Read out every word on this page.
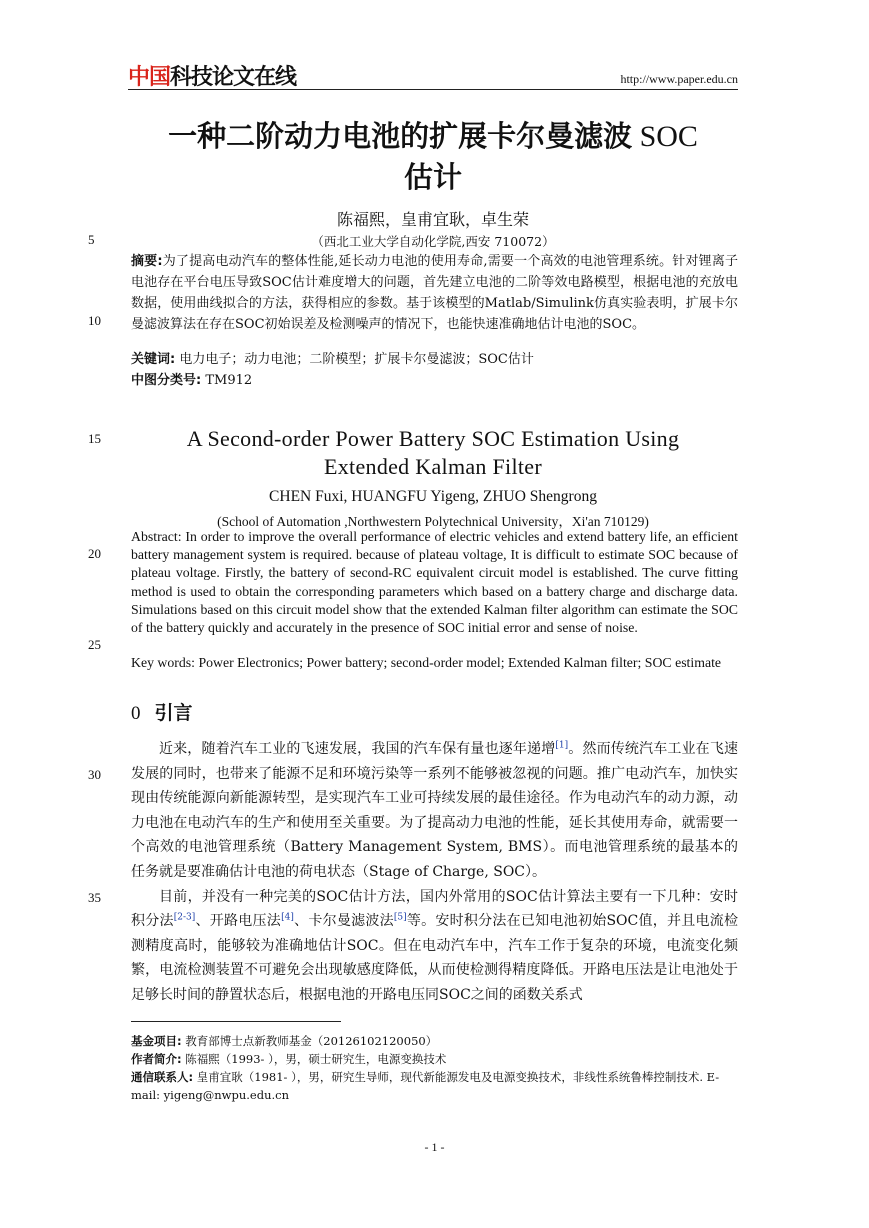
中国科技论文在线	http://www.paper.edu.cn
5
10
15
20
25
30
35
一种二阶动力电池的扩展卡尔曼滤波 SOC
估计
陈福熙，皇甫宜耿，卓生荣
（西北工业大学自动化学院,西安 710072）
摘要:为了提高电动汽车的整体性能,延长动力电池的使用寿命,需要一个高效的电池管理系统。针对锂离子电池存在平台电压导致SOC估计难度增大的问题，首先建立电池的二阶等效电路模型，根据电池的充放电数据，使用曲线拟合的方法，获得相应的参数。基于该模型的Matlab/Simulink仿真实验表明，扩展卡尔曼滤波算法在存在SOC初始误差及检测噪声的情况下，也能快速准确地估计电池的SOC。
关键词: 电力电子；动力电池；二阶模型；扩展卡尔曼滤波；SOC估计
中图分类号: TM912
A Second-order Power Battery SOC Estimation Using
Extended Kalman Filter
CHEN Fuxi, HUANGFU Yigeng, ZHUO Shengrong
(School of Automation ,Northwestern Polytechnical University，Xi'an 710129)
Abstract: In order to improve the overall performance of electric vehicles and extend battery life, an efficient battery management system is required. because of plateau voltage, It is difficult to estimate SOC because of plateau voltage. Firstly, the battery of second-RC equivalent circuit model is established. The curve fitting method is used to obtain the corresponding parameters which based on a battery charge and discharge data. Simulations based on this circuit model show that the extended Kalman filter algorithm can estimate the SOC of the battery quickly and accurately in the presence of SOC initial error and sense of noise.
Key words: Power Electronics; Power battery; second-order model; Extended Kalman filter; SOC estimate
0 引言

近来，随着汽车工业的飞速发展，我国的汽车保有量也逐年递增[1]。然而传统汽车工业在飞速发展的同时，也带来了能源不足和环境污染等一系列不能够被忽视的问题。推广电动汽车，加快实现由传统能源向新能源转型，是实现汽车工业可持续发展的最佳途径。作为电动汽车的动力源，动力电池在电动汽车的生产和使用至关重要。为了提高动力电池的性能，延长其使用寿命，就需要一个高效的电池管理系统（Battery Management System, BMS）。而电池管理系统的最基本的任务就是要准确估计电池的荷电状态（Stage of Charge, SOC）。

目前，并没有一种完美的SOC估计方法，国内外常用的SOC估计算法主要有一下几种：安时积分法[2-3]、开路电压法[4]、卡尔曼滤波法[5]等。安时积分法在已知电池初始SOC值，并且电流检测精度高时，能够较为准确地估计SOC。但在电动汽车中，汽车工作于复杂的环境，电流变化频繁，电流检测装置不可避免会出现敏感度降低，从而使检测得精度降低。开路电压法是让电池处于足够长时间的静置状态后，根据电池的开路电压同SOC之间的函数关系式

基金项目: 教育部博士点新教师基金（20126102120050）
作者简介: 陈福熙（1993- ），男，硕士研究生，电源变换技术
通信联系人: 皇甫宜耿（1981- ），男，研究生导师，现代新能源发电及电源变换技术，非线性系统鲁棒控制技术. E-mail: yigeng@nwpu.edu.cn
- 1 -
